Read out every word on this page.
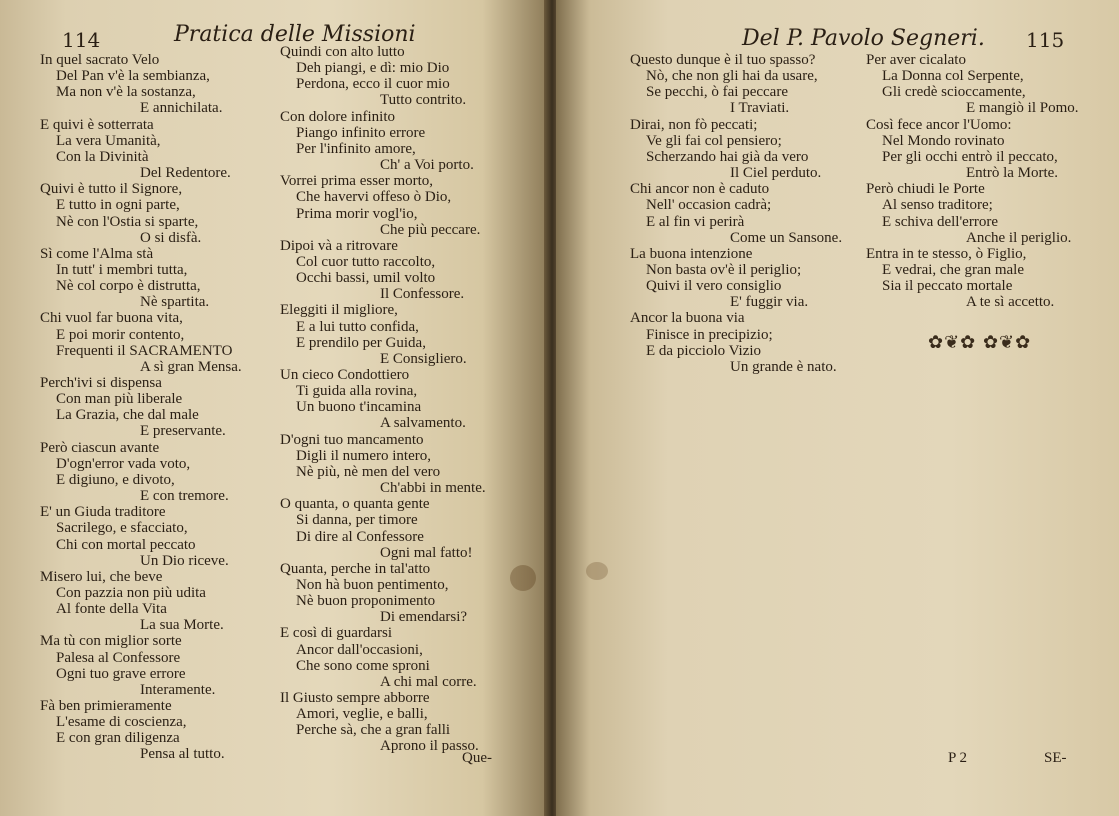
114	Pratica delle Missioni
In quel sacrato Velo
Del Pan v'è la sembianza,
Ma non v'è la sostanza,
E annichilata.
E quivi è sotterrata
La vera Umanità,
Con la Divinità
Del Redentore.
Quivi è tutto il Signore,
E tutto in ogni parte,
Nè con l'Ostia si sparte,
O si disfà.
Sì come l'Alma stà
In tutt' i membri tutta,
Nè col corpo è distrutta,
Nè spartita.
Chi vuol far buona vita,
E poi morir contento,
Frequenti il SACRAMENTO
A sì gran Mensa.
Perch'ivi si dispensa
Con man più liberale
La Grazia, che dal male
E preservante.
Però ciascun avante
D'ogn'error vada voto,
E digiuno, e divoto,
E con tremore.
E' un Giuda traditore
Sacrilego, e sfacciato,
Chi con mortal peccato
Un Dio riceve.
Misero lui, che beve
Con pazzia non più udita
Al fonte della Vita
La sua Morte.
Ma tù con miglior sorte
Palesa al Confessore
Ogni tuo grave errore
Interamente.
Fà ben primieramente
L'esame di coscienza,
E con gran diligenza
Pensa al tutto.
Quindi con alto lutto
Deh piangi, e dì: mio Dio
Perdona, ecco il cuor mio
Tutto contrito.
Con dolore infinito
Piango infinito errore
Per l'infinito amore,
Ch' a Voi porto.
Vorrei prima esser morto,
Che havervi offeso ò Dio,
Prima morir vogl'io,
Che più peccare.
Dipoi và a ritrovare
Col cuor tutto raccolto,
Occhi bassi, umil volto
Il Confessore.
Eleggiti il migliore,
E a lui tutto confida,
E prendilo per Guida,
E Consigliero.
Un cieco Condottiero
Ti guida alla rovina,
Un buono t'incamina
A salvamento.
D'ogni tuo mancamento
Digli il numero intero,
Nè più, nè men del vero
Ch'abbi in mente.
O quanta, o quanta gente
Si danna, per timore
Di dire al Confessore
Ogni mal fatto!
Quanta, perche in tal'atto
Non hà buon pentimento,
Nè buon proponimento
Di emendarsi?
E così di guardarsi
Ancor dall'occasioni,
Che sono come sproni
A chi mal corre.
Il Giusto sempre abborre
Amori, veglie, e balli,
Perche sà, che a gran falli
Aprono il passo.
Que-
Del P. Pavolo Segneri. 115
Questo dunque è il tuo spasso?
Nò, che non gli hai da usare,
Se pecchi, ò fai peccare
I Traviati.
Dirai, non fò peccati;
Ve gli fai col pensiero;
Scherzando hai già da vero
Il Ciel perduto.
Chi ancor non è caduto
Nell' occasion cadrà;
E al fin vi perirà
Come un Sansone.
La buona intenzione
Non basta ov'è il periglio;
Quivi il vero consiglio
E' fuggir via.
Ancor la buona via
Finisce in precipizio;
E da picciolo Vizio
Un grande è nato.
Per aver cicalato
La Donna col Serpente,
Gli credè scioccamente,
E mangiò il Pomo.
Così fece ancor l'Uomo:
Nel Mondo rovinato
Per gli occhi entrò il peccato,
Entrò la Morte.
Però chiudi le Porte
Al senso traditore;
E schiva dell'errore
Anche il periglio.
Entra in te stesso, ò Figlio,
E vedrai, che gran male
Sia il peccato mortale
A te sì accetto.
✿❦✿ ✿❦✿
P 2	SE-
